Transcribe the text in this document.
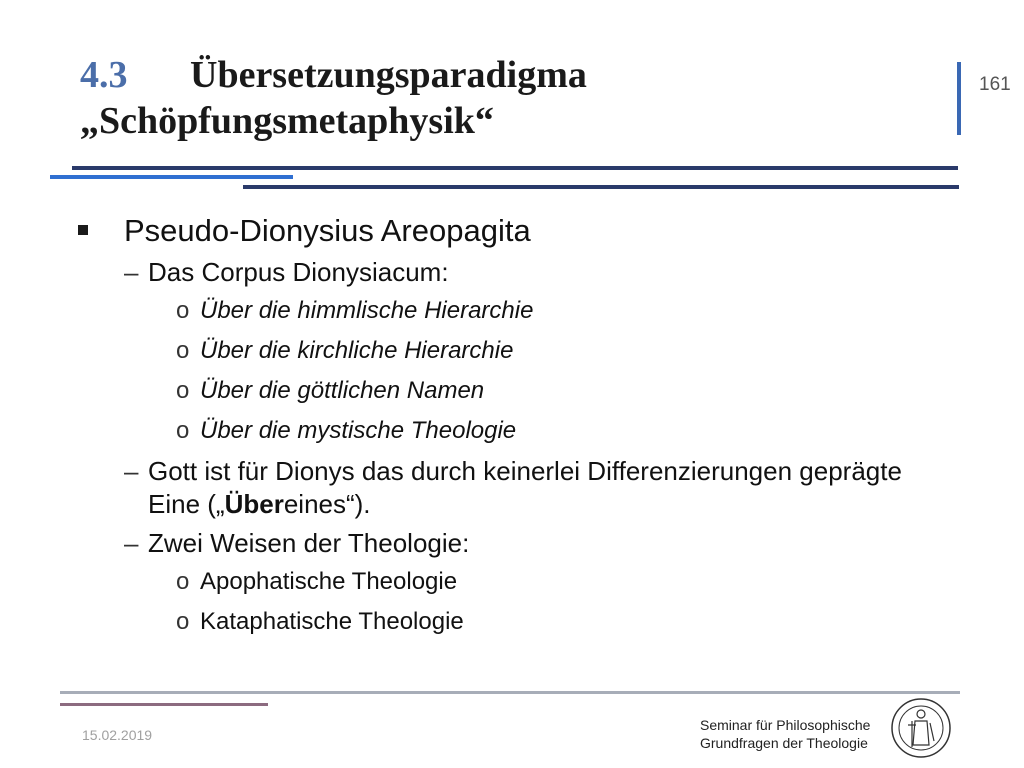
4.3 Übersetzungsparadigma
„Schöpfungsmetaphysik“
161
Pseudo-Dionysius Areopagita
– Das Corpus Dionysiacum:
o Über die himmlische Hierarchie
o Über die kirchliche Hierarchie
o Über die göttlichen Namen
o Über die mystische Theologie
– Gott ist für Dionys das durch keinerlei Differenzierungen geprägte Eine („Übereines“).
– Zwei Weisen der Theologie:
o Apophatische Theologie
o Kataphatische Theologie
15.02.2019
Seminar für Philosophische
Grundfragen der Theologie
